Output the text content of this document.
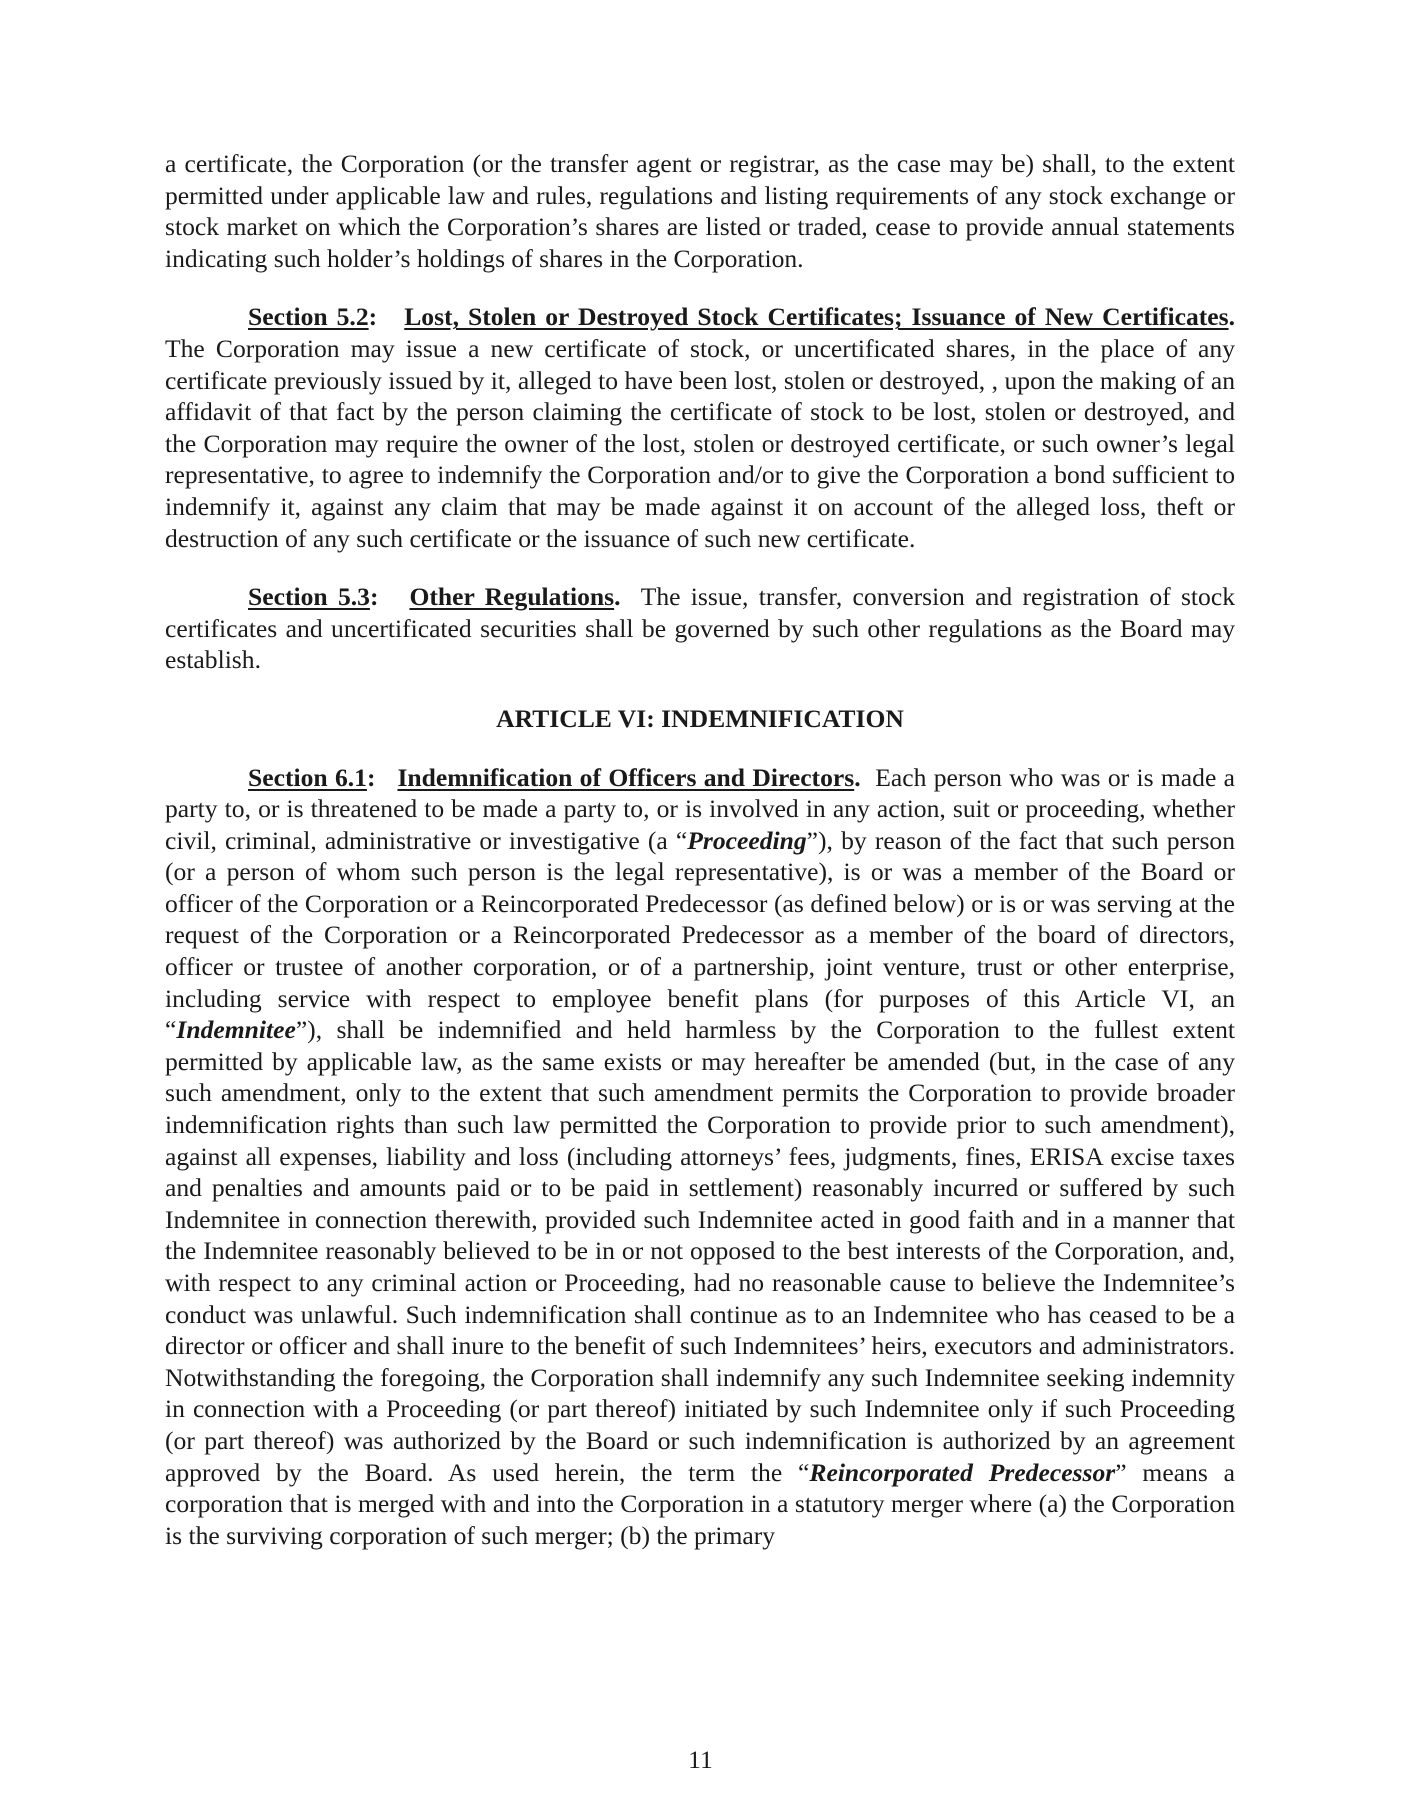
a certificate, the Corporation (or the transfer agent or registrar, as the case may be) shall, to the extent permitted under applicable law and rules, regulations and listing requirements of any stock exchange or stock market on which the Corporation’s shares are listed or traded, cease to provide annual statements indicating such holder’s holdings of shares in the Corporation.

Section 5.2: Lost, Stolen or Destroyed Stock Certificates; Issuance of New Certificates. The Corporation may issue a new certificate of stock, or uncertificated shares, in the place of any certificate previously issued by it, alleged to have been lost, stolen or destroyed, , upon the making of an affidavit of that fact by the person claiming the certificate of stock to be lost, stolen or destroyed, and the Corporation may require the owner of the lost, stolen or destroyed certificate, or such owner’s legal representative, to agree to indemnify the Corporation and/or to give the Corporation a bond sufficient to indemnify it, against any claim that may be made against it on account of the alleged loss, theft or destruction of any such certificate or the issuance of such new certificate.

Section 5.3: Other Regulations. The issue, transfer, conversion and registration of stock certificates and uncertificated securities shall be governed by such other regulations as the Board may establish.

ARTICLE VI: INDEMNIFICATION

Section 6.1: Indemnification of Officers and Directors. Each person who was or is made a party to, or is threatened to be made a party to, or is involved in any action, suit or proceeding, whether civil, criminal, administrative or investigative (a “Proceeding”), by reason of the fact that such person (or a person of whom such person is the legal representative), is or was a member of the Board or officer of the Corporation or a Reincorporated Predecessor (as defined below) or is or was serving at the request of the Corporation or a Reincorporated Predecessor as a member of the board of directors, officer or trustee of another corporation, or of a partnership, joint venture, trust or other enterprise, including service with respect to employee benefit plans (for purposes of this Article VI, an “Indemnitee”), shall be indemnified and held harmless by the Corporation to the fullest extent permitted by applicable law, as the same exists or may hereafter be amended (but, in the case of any such amendment, only to the extent that such amendment permits the Corporation to provide broader indemnification rights than such law permitted the Corporation to provide prior to such amendment), against all expenses, liability and loss (including attorneys’ fees, judgments, fines, ERISA excise taxes and penalties and amounts paid or to be paid in settlement) reasonably incurred or suffered by such Indemnitee in connection therewith, provided such Indemnitee acted in good faith and in a manner that the Indemnitee reasonably believed to be in or not opposed to the best interests of the Corporation, and, with respect to any criminal action or Proceeding, had no reasonable cause to believe the Indemnitee’s conduct was unlawful. Such indemnification shall continue as to an Indemnitee who has ceased to be a director or officer and shall inure to the benefit of such Indemnitees’ heirs, executors and administrators. Notwithstanding the foregoing, the Corporation shall indemnify any such Indemnitee seeking indemnity in connection with a Proceeding (or part thereof) initiated by such Indemnitee only if such Proceeding (or part thereof) was authorized by the Board or such indemnification is authorized by an agreement approved by the Board. As used herein, the term the “Reincorporated Predecessor” means a corporation that is merged with and into the Corporation in a statutory merger where (a) the Corporation is the surviving corporation of such merger; (b) the primary

11
